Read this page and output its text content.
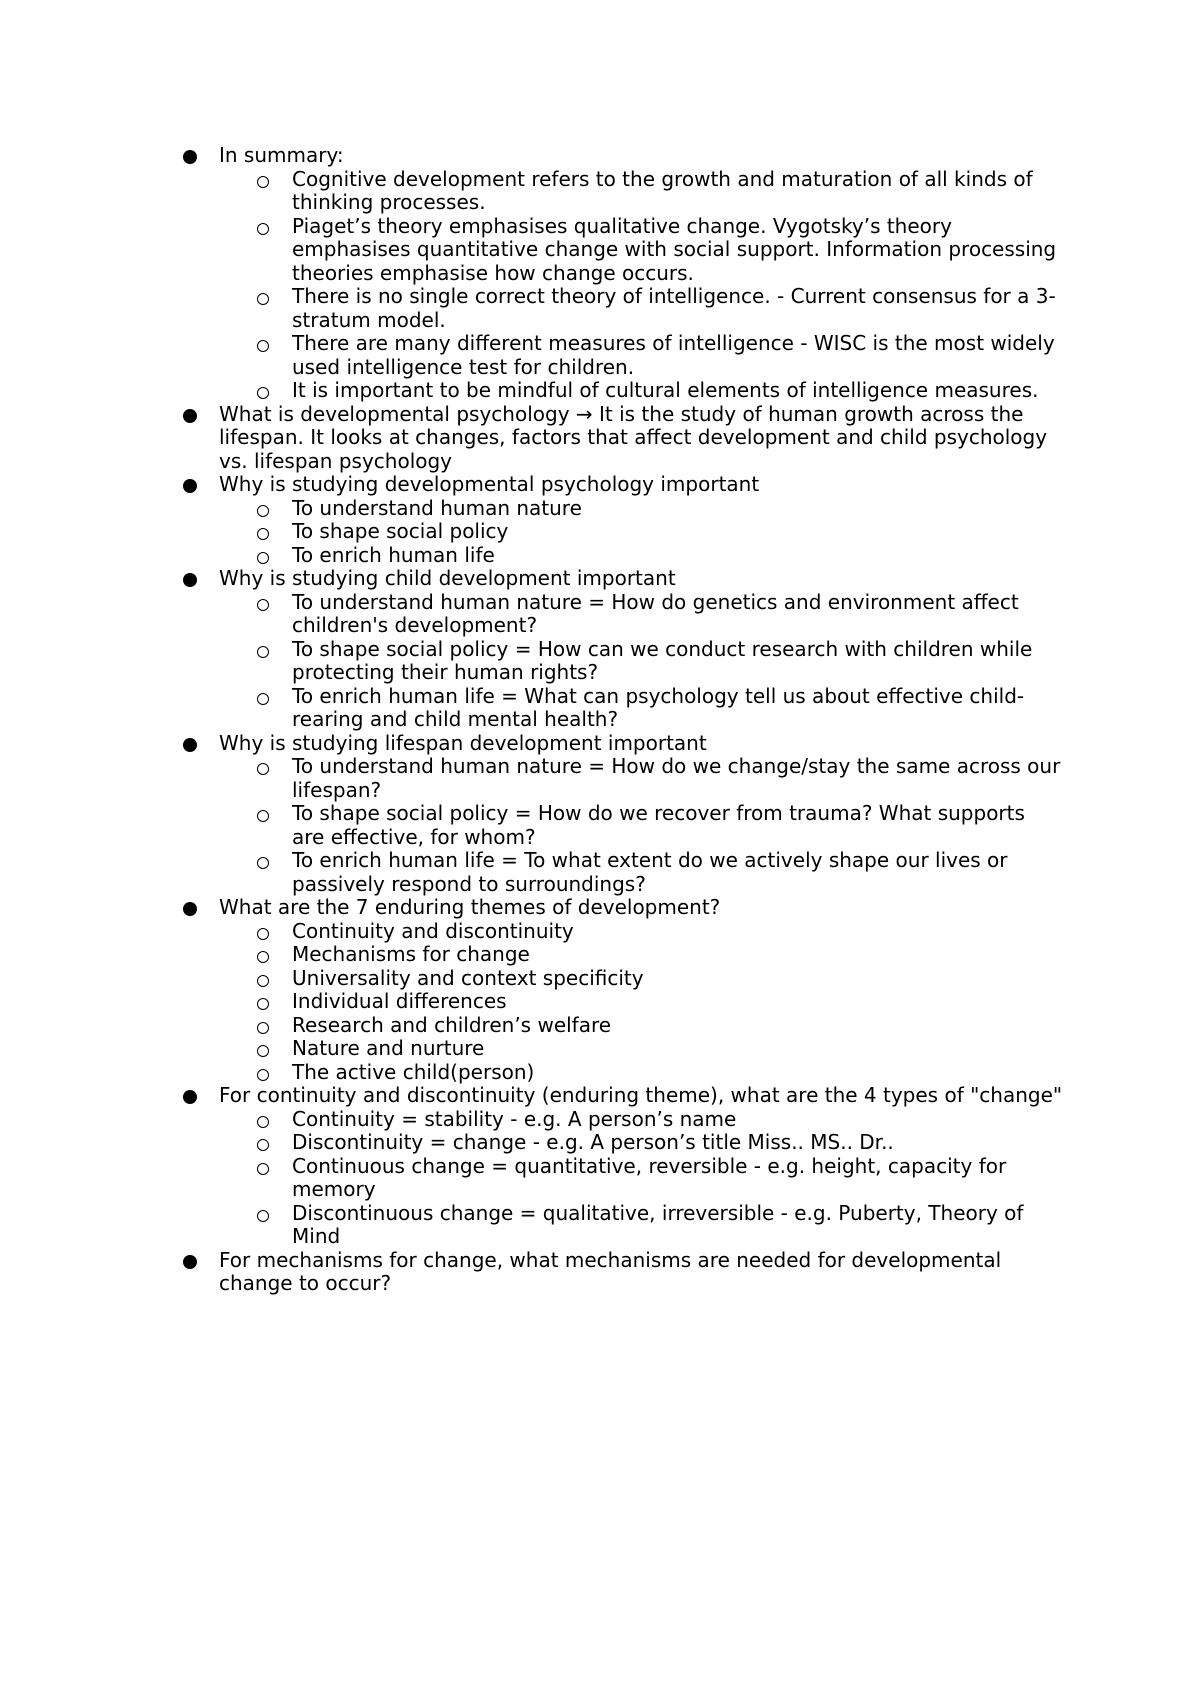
In summary:
Cognitive development refers to the growth and maturation of all kinds of thinking processes.
Piaget’s theory emphasises qualitative change. Vygotsky’s theory emphasises quantitative change with social support. Information processing theories emphasise how change occurs.
There is no single correct theory of intelligence. - Current consensus for a 3-stratum model.
There are many different measures of intelligence - WISC is the most widely used intelligence test for children.
It is important to be mindful of cultural elements of intelligence measures.
What is developmental psychology → It is the study of human growth across the lifespan. It looks at changes, factors that affect development and child psychology vs. lifespan psychology
Why is studying developmental psychology important
To understand human nature
To shape social policy
To enrich human life
Why is studying child development important
To understand human nature = How do genetics and environment affect children's development?
To shape social policy = How can we conduct research with children while protecting their human rights?
To enrich human life = What can psychology tell us about effective child-rearing and child mental health?
Why is studying lifespan development important
To understand human nature = How do we change/stay the same across our lifespan?
To shape social policy = How do we recover from trauma? What supports are effective, for whom?
To enrich human life = To what extent do we actively shape our lives or passively respond to surroundings?
What are the 7 enduring themes of development?
Continuity and discontinuity
Mechanisms for change
Universality and context specificity
Individual differences
Research and children’s welfare
Nature and nurture
The active child(person)
For continuity and discontinuity (enduring theme), what are the 4 types of "change"
Continuity = stability - e.g. A person’s name
Discontinuity = change - e.g. A person’s title Miss.. MS.. Dr..
Continuous change = quantitative, reversible - e.g. height, capacity for memory
Discontinuous change = qualitative, irreversible - e.g. Puberty, Theory of Mind
For mechanisms for change, what mechanisms are needed for developmental change to occur?
